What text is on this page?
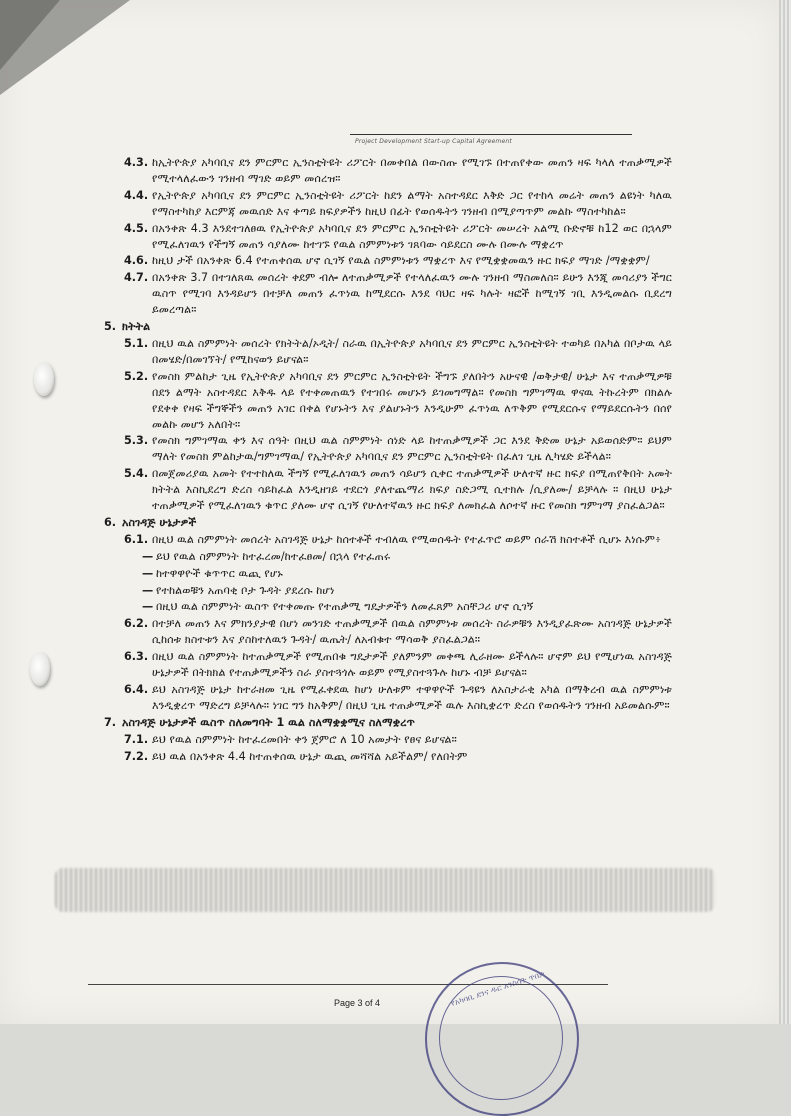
Project Development Start-up Capital Agreement
4.3. ከኢትዮጵያ አካባቢና ደን ምርምር ኢንስቲትዩት ሪፖርት በመቀበል በውስጡ የሚገኙ በተጠየቀው መጠን ዛፍ ካላለ ተጠቃሚዎች የሚተላለፈውን ገንዘብ ማገድ ወይም መሰረዝ።
4.4. የኢትዮጵያ አካባቢና ደን ምርምር ኢንስቲትዩት ሪፖርት ከደን ልማት አስተዳደር እቅድ ጋር የተከላ መሬት መጠን ልዩነት ካለዉ የማስተካከያ እርምጃ መዉሰድ እና ቀጣይ ክፍያዎችን ከዚህ በፊት የወሰዱትን ገንዘብ በሚያጣጥም መልኩ ማስተካከል።
4.5. በአንቀጽ 4.3 እንደተገለፀዉ የኢትዮጵያ አካባቢና ደን ምርምር ኢንስቲትዩት ሪፖርት መሠረት አልሚ ቡድኖቹ ከ12 ወር በኋላም የሚፈለገዉን የችግኝ መጠን ሳያለሙ ከተገኙ የዉል ስምምነቱን ገጸባው ሳይደርስ ሙሉ በሙሉ ማቋረጥ
4.6. ከዚህ ታች በአንቀጽ 6.4 የተጠቀሰዉ ሆኖ ሲገኝ የዉል ስምምነቱን ማቋረጥ እና የሚቋቋመዉን ዙር ክፍያ ማገድ /ማቋቋም/
4.7. በአንቀጽ 3.7 በተገለጸዉ መሰረት ቀደም ብሎ ለተጠቃሚዎች የተላለፈዉን ሙሉ ገንዘብ ማስመለስ። ይሁን እንጂ መሳሪያን ችግር ዉስጥ የሚገባ እንዳይሆን በተቻለ መጠን ፈጥነዉ ከሚደርሱ እንደ ባህር ዛፍ ካሉት ዛፎች ከሚገኝ ገቢ እንዲመልሱ ቢደረግ ይመረጣል።
5. ክትትል
5.1. በዚህ ዉል ስምምነት መሰረት የክትትል/ኦዲት/ ስራዉ በኢትዮጵያ አካባቢና ደን ምርምር ኢንስቲትዩት ተወካይ በአካል በቦታዉ ላይ በመሄድ/በመገኘት/ የሚከናወን ይሆናል።
5.2. የመስክ ምልከታ ጊዜ የኢትዮጵያ አካባቢና ደን ምርምር ኢንስቲትዩት ችግኙ ያለበትን አሁናዊ /ወቅታዊ/ ሁኔታ እና ተጠቃሚዎቹ በደን ልማት አስተዳደር እቅዱ ላይ የተቀመጠዉን የተገበሩ መሆኑን ይገመግማል። የመስክ ግምገማዉ ዋናዉ ትኩረትም በክልሉ የደቀቀ የዛፍ ችግኞችን መጠን አገር በቀል የሆኑትን እና ያልሆኑትን እንዲሁም ፈጥነዉ ለጥቅም የሚደርሱና የማይደርሱትን በሰየ መልኩ መሆን አለበት።
5.3. የመስክ ግምገማዉ ቀን እና ሰዓት በዚህ ዉል ስምምነት ሰነድ ላይ ከተጠቃሚዎች ጋር እንደ ቅድመ ሁኔታ አይወሰድም። ይህም ማለት የመስክ ምልከታዉ/ግምገማዉ/ የኢትዮጵያ አካባቢና ደን ምርምር ኢንስቲትዩት በፈለገ ጊዜ ሊካሄድ ይችላል።
5.4. በመጀመሪያዉ አመት የተተከለዉ ችግኝ የሚፈለገዉን መጠን ሳይሆን ሲቀር ተጠቃሚዎች ሁለተኛ ዙር ክፍያ በሚጠየቅበት አመት ክትትል እስኪደረግ ድረስ ሳይከፈል እንዲዘገይ ተደርጎ ያለተጨማሪ ክፍያ ስድጋሚ ሲተክሉ /ሲያለሙ/ ይቻላሉ ። በዚህ ሁኔታ ተጠቃሚዎች የሚፈለገዉን ቁጥር ያለሙ ሆኖ ሲገኝ የሁለተኛዉን ዙር ክፍያ ለመክፈል ለሶተኛ ዙር የመስክ ግምገማ ያስፈልጋል።
6. አስገዳጅ ሁኔታዎች
6.1. በዚህ ዉል ስምምነት መሰረት አስገዳጅ ሁኔታ ከሰተቶች ተብለዉ የሚወሰዱት የተፈጥሮ ወይም ሰራሽ ክስተቶች ሲሆኑ እነሱም፥
— ይህ የዉል ስምምነት ከተፈረመ/ከተፈፀመ/ በኋላ የተፈጠሩ
— ከተዋዋዮች ቁጥጥር ዉጪ የሆኑ
— የተከልወቹን አጠባቂ ቦታ ጉዳት ያደረሱ ከሆነ
— በዚህ ዉል ስምምነት ዉስጥ የተቀመጡ የተጠቃሚ ግዴታዎችን ለመፈጸም አስቸጋሪ ሆኖ ሲገኝ
6.2. በተቻለ መጠን እና ምክንያታዊ በሆነ መንገድ ተጠቃሚዎች በዉል ስምምነቱ መሰረት ስራዎቹን እንዲያፈጽሙ አስገዳጅ ሁኔታዎች ሲከሰቱ ክስተቱን እና ያስከተለዉን ጉዳት/ ዉጤት/ ለአብቁተ ማሳወቅ ያስፈልጋል።
6.3. በዚህ ዉል ስምምነት ከተጠቃሚዎች የሚጠበቁ ግዴታዎች ያለምንም መቀጫ ሊራዘሙ ይችላሉ። ሆኖም ይህ የሚሆነዉ አስገዳጅ ሁኔታዎች በትክክል የተጠቃሚዎችን ስራ ያስተጓጎሉ ወይም የሚያስተጓጉሉ ከሆኑ ብቻ ይሆናል።
6.4. ይህ አስገዳጅ ሁኔታ ከተራዘመ ጊዜ የሚፈቀደዉ ከሆነ ሁለቱም ተዋዋዮች ጉዳዩን ለአስታራቂ አካል በማቅረብ ዉል ስምምነቱ እንዲቋረጥ ማድረግ ይቻላሉ። ነገር ግን ከአቅም/ በዚህ ጊዜ ተጠቃሚዎች ዉሉ እስኪቋረጥ ድረስ የወሰዱትን ገንዘብ አይመልሱም።
7. አስገዳጅ ሁኔታዎች ዉስጥ ስለመግባት 1 ዉል ስለማቋቋሚና ስለማቋረጥ
7.1. ይህ የዉል ስምምነት ከተፈረመበት ቀን ጀምሮ ለ 10 አመታት የፀና ይሆናል።
7.2. ይህ ዉል በአንቀጽ 4.4 ከተጠቀሰዉ ሁኔታ ዉጪ መሻሻል አይችልም/ የለበትም
Page 3 of 4	የአካባቢ ደንና ዱር እንስሳት ጥበቃ
